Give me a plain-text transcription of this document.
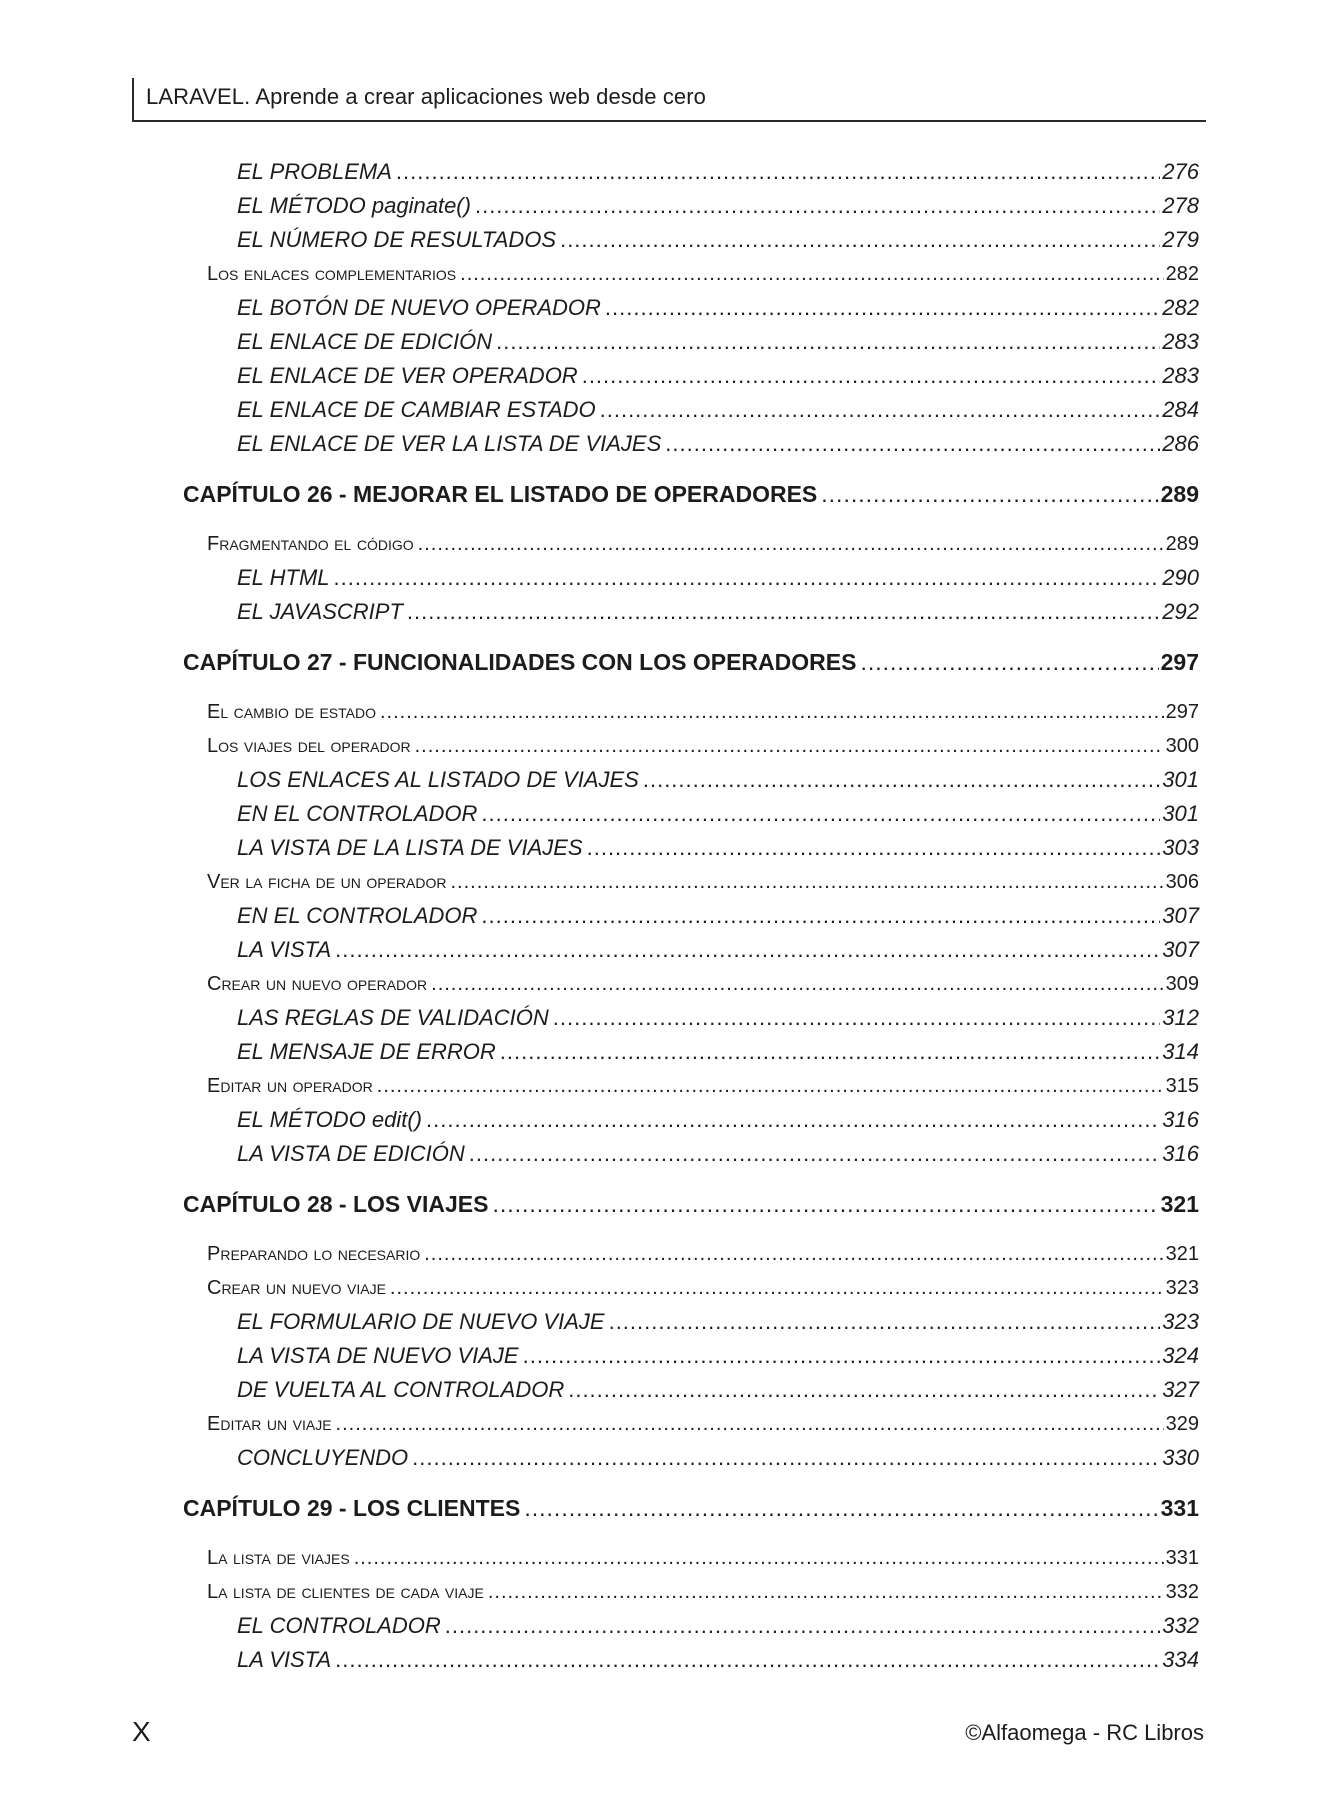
LARAVEL. Aprende a crear aplicaciones web desde cero
EL PROBLEMA .....	276
EL MÉTODO paginate() .....	278
EL NÚMERO DE RESULTADOS .....	279
Los enlaces complementarios .....	282
EL BOTÓN DE NUEVO OPERADOR .....	282
EL ENLACE DE EDICIÓN .....	283
EL ENLACE DE VER OPERADOR .....	283
EL ENLACE DE CAMBIAR ESTADO .....	284
EL ENLACE DE VER LA LISTA DE VIAJES .....	286
CAPÍTULO 26 - MEJORAR EL LISTADO DE OPERADORES .....	289
Fragmentando el código .....	289
EL HTML .....	290
EL JAVASCRIPT .....	292
CAPÍTULO 27 - FUNCIONALIDADES CON LOS OPERADORES .....	297
El cambio de estado .....	297
Los viajes del operador .....	300
LOS ENLACES AL LISTADO DE VIAJES .....	301
EN EL CONTROLADOR .....	301
LA VISTA DE LA LISTA DE VIAJES .....	303
Ver la ficha de un operador .....	306
EN EL CONTROLADOR .....	307
LA VISTA .....	307
Crear un nuevo operador .....	309
LAS REGLAS DE VALIDACIÓN .....	312
EL MENSAJE DE ERROR .....	314
Editar un operador .....	315
EL MÉTODO edit() .....	316
LA VISTA DE EDICIÓN .....	316
CAPÍTULO 28 - LOS VIAJES .....	321
Preparando lo necesario .....	321
Crear un nuevo viaje .....	323
EL FORMULARIO DE NUEVO VIAJE .....	323
LA VISTA DE NUEVO VIAJE .....	324
DE VUELTA AL CONTROLADOR .....	327
Editar un viaje .....	329
CONCLUYENDO .....	330
CAPÍTULO 29 - LOS CLIENTES .....	331
La lista de viajes .....	331
La lista de clientes de cada viaje .....	332
EL CONTROLADOR .....	332
LA VISTA .....	334
X	©Alfaomega - RC Libros
